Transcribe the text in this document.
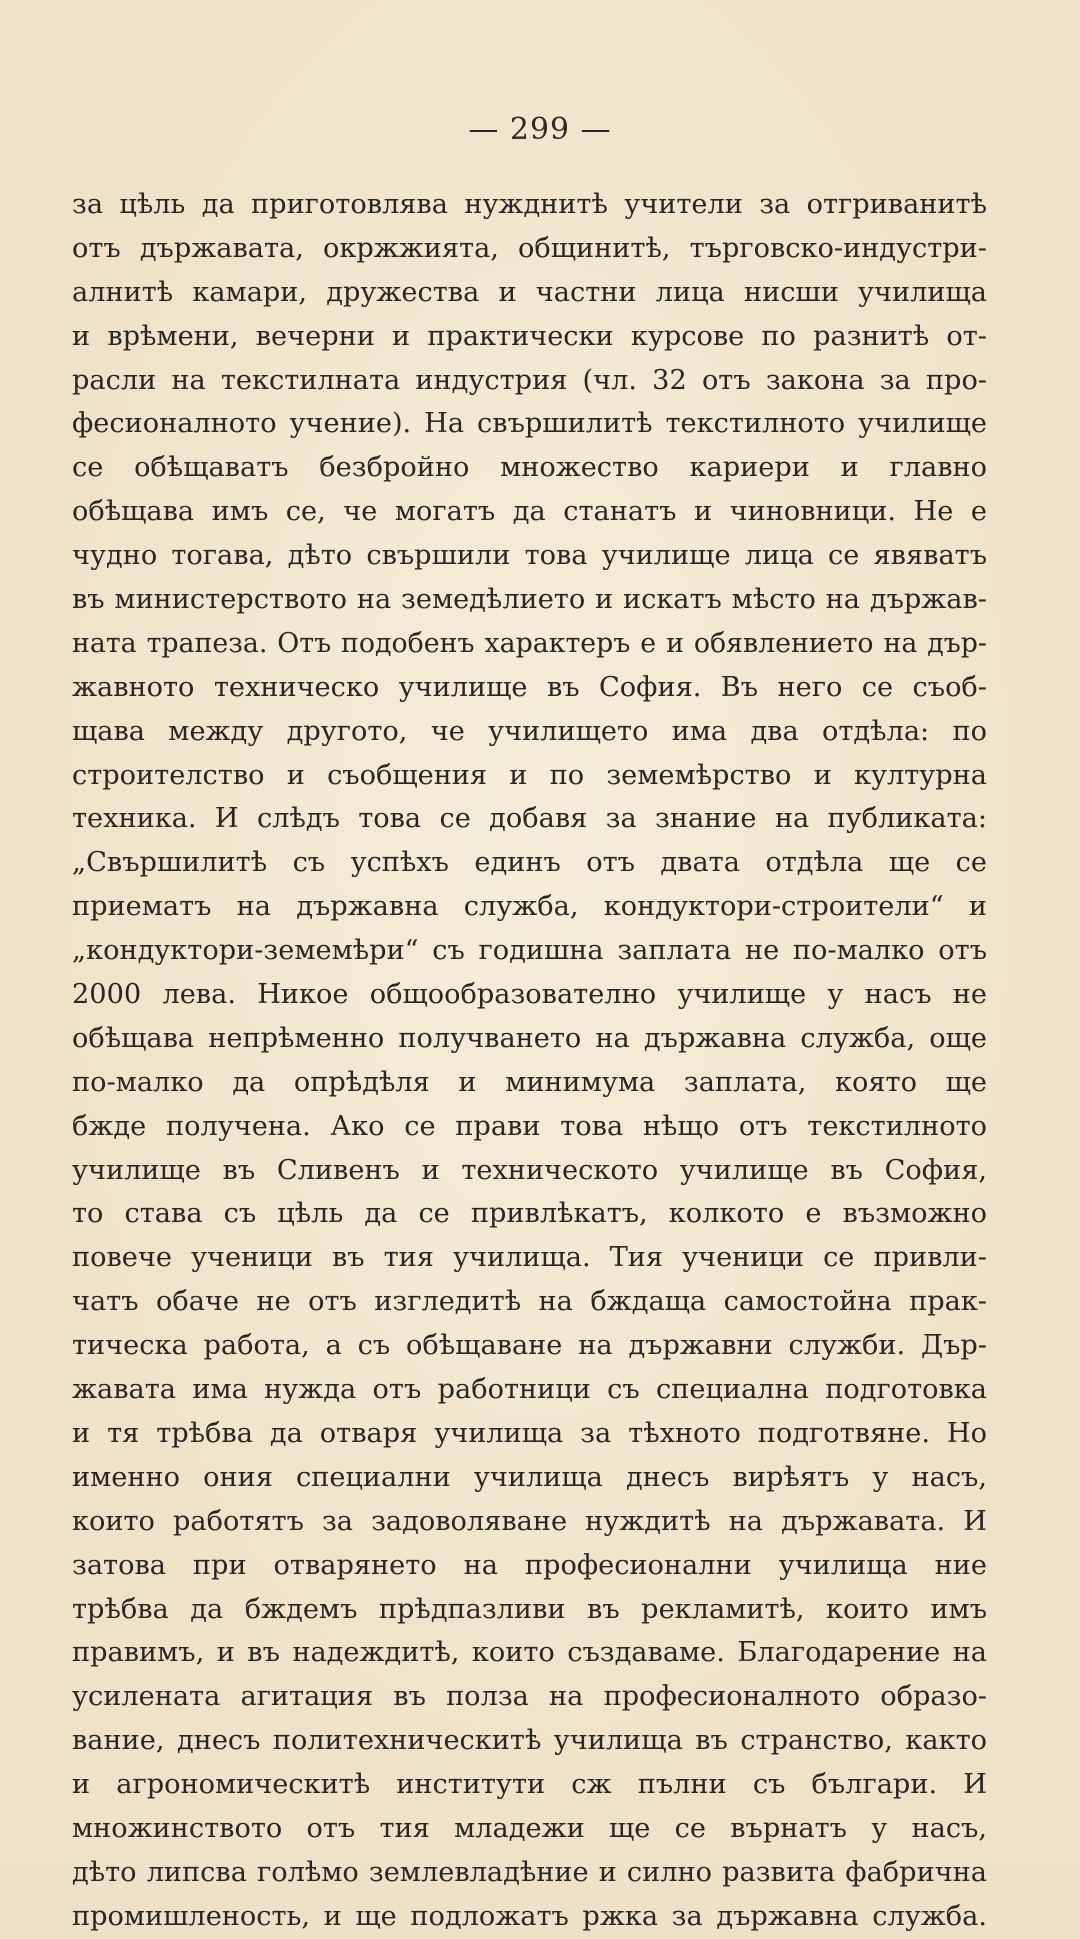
— 299 —
за цѣль да приготовлява нужднитѣ учители за отгриванитѣ
отъ държавата, окржжията, общинитѣ, търговско-индустри-
алнитѣ камари, дружества и частни лица нисши училища
и врѣмени, вечерни и практически курсове по разнитѣ от-
расли на текстилната индустрия (чл. 32 отъ закона за про-
фесионалното учение). На свършилитѣ текстилното училище
се обѣщаватъ безбройно множество кариери и главно
обѣщава имъ се, че могатъ да станатъ и чиновници. Не е
чудно тогава, дѣто свършили това училище лица се явяватъ
въ министерството на земедѣлието и искатъ мѣсто на държав-
ната трапеза. Отъ подобенъ характеръ е и обявлението на дър-
жавното техническо училище въ София. Въ него се съоб-
щава между другото, че училището има два отдѣла: по
строителство и съобщения и по земемѣрство и културна
техника. И слѣдъ това се добавя за знание на публиката:
„Свършилитѣ съ успѣхъ единъ отъ двата отдѣла ще се
приематъ на държавна служба, кондуктори-строители“ и
„кондуктори-земемѣри“ съ годишна заплата не по-малко отъ
2000 лева. Никое общообразователно училище у насъ не
обѣщава непрѣменно получването на държавна служба, още
по-малко да опрѣдѣля и минимума заплата, която ще
бжде получена. Ако се прави това нѣщо отъ текстилното
училище въ Сливенъ и техническото училище въ София,
то става съ цѣль да се привлѣкатъ, колкото е възможно
повече ученици въ тия училища. Тия ученици се привли-
чатъ обаче не отъ изгледитѣ на бждаща самостойна прак-
тическа работа, а съ обѣщаване на държавни служби. Дър-
жавата има нужда отъ работници съ специална подготовка
и тя трѣбва да отваря училища за тѣхното подготвяне. Но
именно ония специални училища днесъ вирѣятъ у насъ,
които работятъ за задоволяване нуждитѣ на държавата. И
затова при отварянето на професионални училища ние
трѣбва да бждемъ прѣдпазливи въ рекламитѣ, които имъ
правимъ, и въ надеждитѣ, които създаваме. Благодарение на
усилената агитация въ полза на професионалното образо-
вание, днесъ политехническитѣ училища въ странство, както
и агрономическитѣ институти сж пълни съ българи. И
множинството отъ тия младежи ще се върнатъ у насъ,
дѣто липсва голѣмо землевладѣние и силно развита фабрична
промишленость, и ще подложатъ ржка за държавна служба.
